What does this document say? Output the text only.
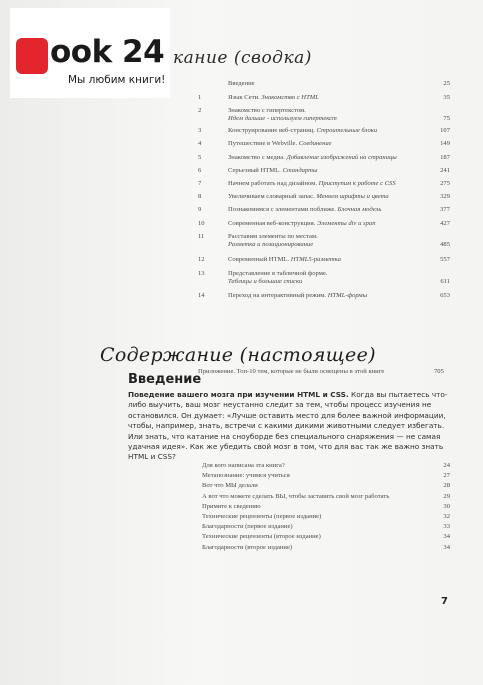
b
ook 24
Мы любим книги!
кание (сводка)
Введение	25
1	Язык Сети. Знакомство с HTML	35
2	Знакомство с гипертекстом.
Идем дальше - используем гипертекст	75
3	Конструирование веб-страниц. Строительные блоки	107
4	Путешествие в Webville. Соединение	149
5	Знакомство с медиа. Добавление изображений на страницы	187
6	Серьезный HTML. Стандарты	241
7	Начнем работать над дизайном. Приступим к работе с CSS	275
8	Увеличиваем словарный запас. Меняем шрифты и цвета	329
9	Познакомимся с элементами поближе. Блочная модель	377
10	Современная веб-конструкция. Элементы div и span	427
11	Расставим элементы по местам.
Разметка и позиционирование	485
12	Современный HTML. HTML5-разметка	557
13	Представление в табличной форме.
Таблицы и большие списки	611
14	Переход на интерактивный режим. HTML-формы	653
Приложение. Топ-10 тем, которые не были освещены в этой книге	705
Содержание (настоящее)
Введение
Поведение вашего мозга при изучении HTML и CSS. Когда вы пытаетесь что-либо выучить, ваш мозг неустанно следит за тем, чтобы процесс изучения не остановился. Он думает: «Лучше оставить место для более важной информации, чтобы, например, знать, встречи с какими дикими животными следует избегать. Или знать, что катание на сноуборде без специального снаряжения — не самая удачная идея». Как же убедить свой мозг в том, что для вас так же важно знать HTML и CSS?
Для кого написана эта книга?	24
Метапознание: учимся учиться	27
Вот что МЫ делали	28
А вот что можете сделать ВЫ, чтобы заставить свой мозг работать	29
Примите к сведению	30
Технические рецензенты (первое издание)	32
Благодарности (первое издание)	33
Технические рецензенты (второе издание)	34
Благодарности (второе издание)	34
7
